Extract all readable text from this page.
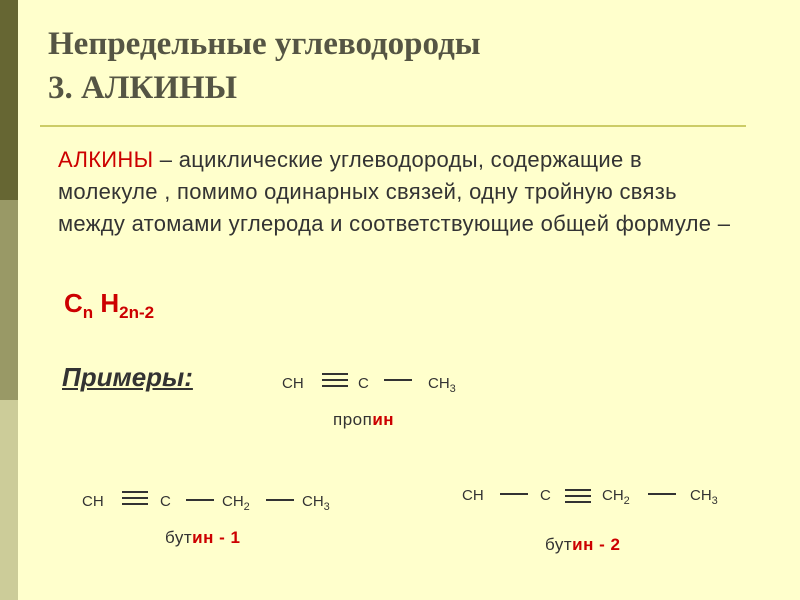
Непредельные углеводороды
3. АЛКИНЫ
АЛКИНЫ – ациклические углеводороды, содержащие в молекуле , помимо одинарных связей, одну тройную связь между атомами углерода и соответствующие общей формуле –
$C_n$ $H_{2n-2}$
Примеры:	CH	C	$CH_3$
пропин
CH	C	$CH_2$	$CH_3$
бутин - 1
CH	C	$CH_2$	$CH_3$
бутин - 2
